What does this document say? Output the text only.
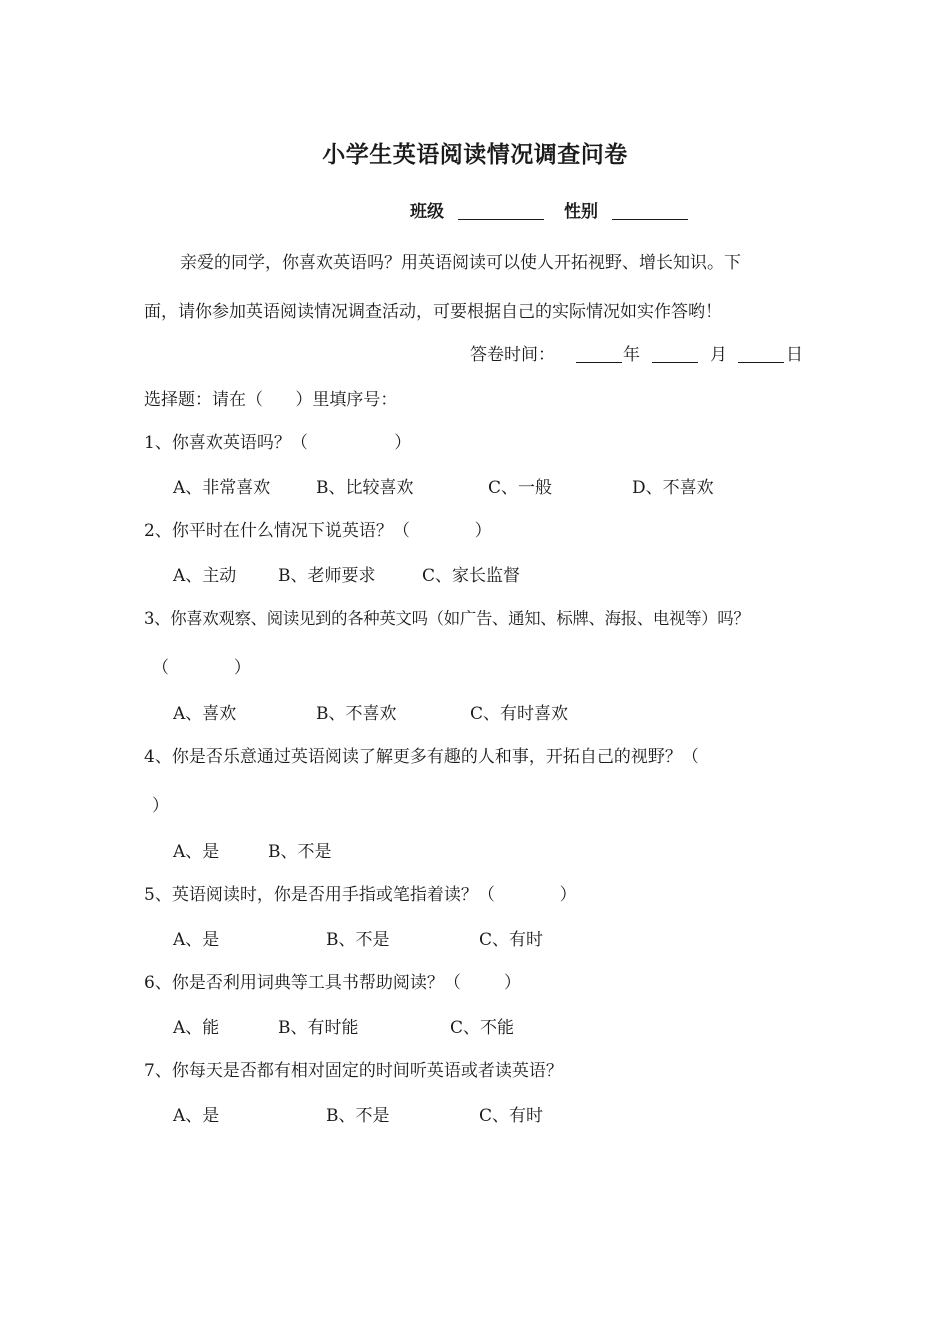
小学生英语阅读情况调查问卷
班级	性别
亲爱的同学，你喜欢英语吗？用英语阅读可以使人开拓视野、增长知识。下
面，请你参加英语阅读情况调查活动，可要根据自己的实际情况如实作答哟！
答卷时间：	年	月	日
选择题：请在（      ）里填序号：
1、你喜欢英语吗？（                ）
A、非常喜欢	B、比较喜欢	C、一般	D、不喜欢
2、你平时在什么情况下说英语？（            ）
A、主动 B、老师要求	C、家长监督
3、你喜欢观察、阅读见到的各种英文吗（如广告、通知、标牌、海报、电视等）吗？
（            ）
A、喜欢	B、不喜欢	C、有时喜欢
4、你是否乐意通过英语阅读了解更多有趣的人和事，开拓自己的视野？（
）
A、是	B、不是
5、英语阅读时，你是否用手指或笔指着读？（            ）
A、是	B、不是	C、有时
6、你是否利用词典等工具书帮助阅读？（        ）
A、能	B、有时能	C、不能
7、你每天是否都有相对固定的时间听英语或者读英语？
A、是	B、不是	C、有时
